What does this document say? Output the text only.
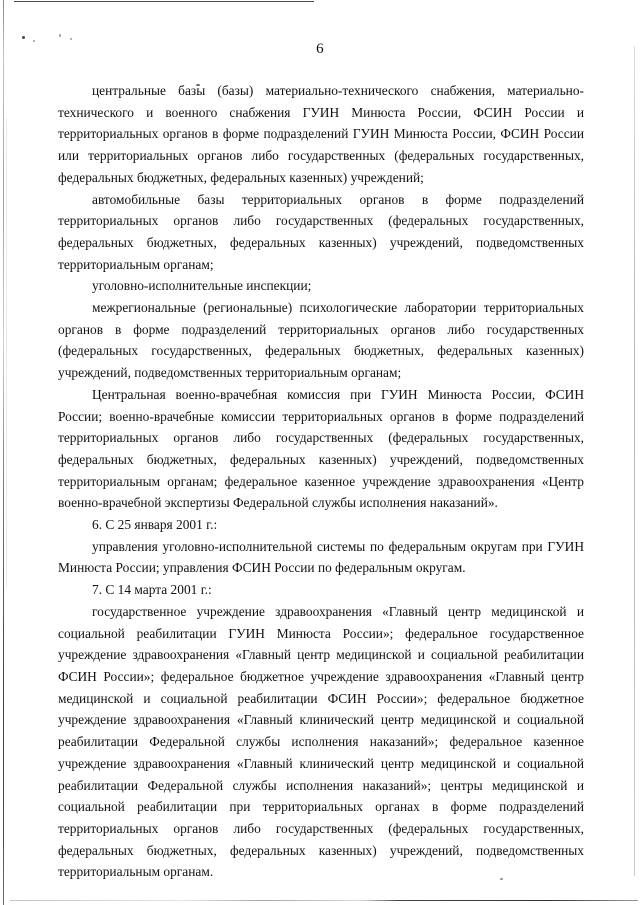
6

центральные базы (базы) материально-технического снабжения, материально-технического и военного снабжения ГУИН Минюста России, ФСИН России и территориальных органов в форме подразделений ГУИН Минюста России, ФСИН России или территориальных органов либо государственных (федеральных государственных, федеральных бюджетных, федеральных казенных) учреждений;

автомобильные базы территориальных органов в форме подразделений территориальных органов либо государственных (федеральных государственных, федеральных бюджетных, федеральных казенных) учреждений, подведомственных территориальным органам;

уголовно-исполнительные инспекции;

межрегиональные (региональные) психологические лаборатории территориальных органов в форме подразделений территориальных органов либо государственных (федеральных государственных, федеральных бюджетных, федеральных казенных) учреждений, подведомственных территориальным органам;

Центральная военно-врачебная комиссия при ГУИН Минюста России, ФСИН России; военно-врачебные комиссии территориальных органов в форме подразделений территориальных органов либо государственных (федеральных государственных, федеральных бюджетных, федеральных казенных) учреждений, подведомственных территориальным органам; федеральное казенное учреждение здравоохранения «Центр военно-врачебной экспертизы Федеральной службы исполнения наказаний».

6. С 25 января 2001 г.:

управления уголовно-исполнительной системы по федеральным округам при ГУИН Минюста России; управления ФСИН России по федеральным округам.

7. С 14 марта 2001 г.:

государственное учреждение здравоохранения «Главный центр медицинской и социальной реабилитации ГУИН Минюста России»; федеральное государственное учреждение здравоохранения «Главный центр медицинской и социальной реабилитации ФСИН России»; федеральное бюджетное учреждение здравоохранения «Главный центр медицинской и социальной реабилитации ФСИН России»; федеральное бюджетное учреждение здравоохранения «Главный клинический центр медицинской и социальной реабилитации Федеральной службы исполнения наказаний»; федеральное казенное учреждение здравоохранения «Главный клинический центр медицинской и социальной реабилитации Федеральной службы исполнения наказаний»; центры медицинской и социальной реабилитации при территориальных органах в форме подразделений территориальных органов либо государственных (федеральных государственных, федеральных бюджетных, федеральных казенных) учреждений, подведомственных территориальным органам.
